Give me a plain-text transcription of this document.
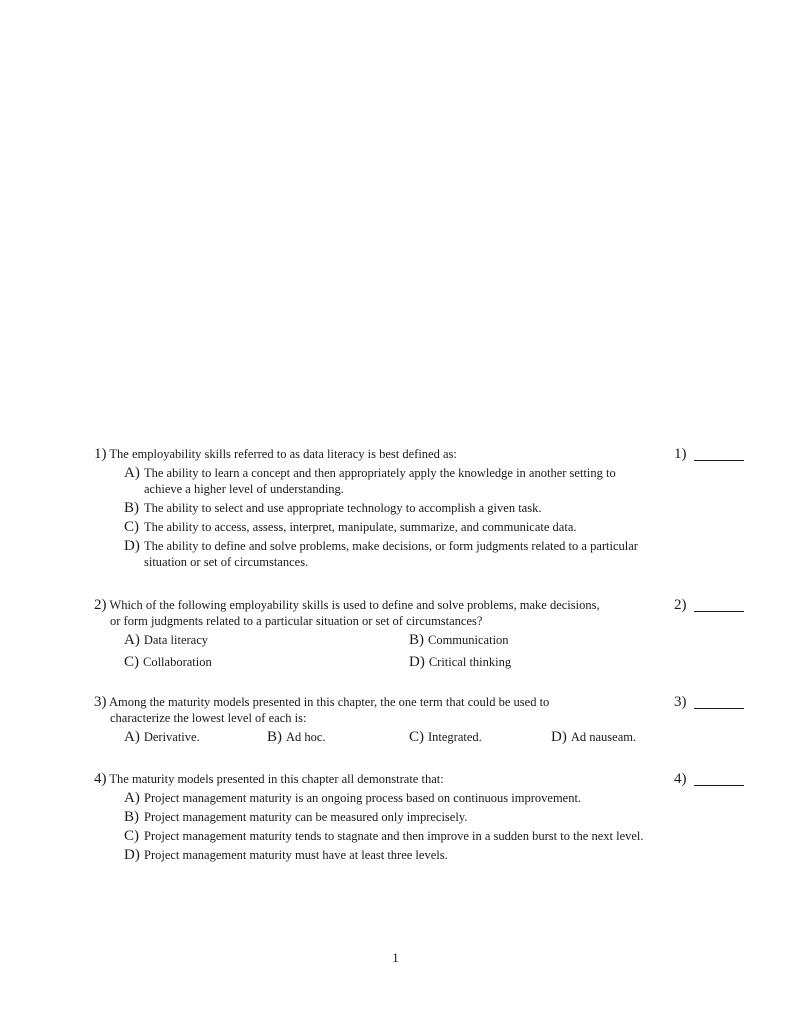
1) The employability skills referred to as data literacy is best defined as:
A) The ability to learn a concept and then appropriately apply the knowledge in another setting to achieve a higher level of understanding.
B) The ability to select and use appropriate technology to accomplish a given task.
C) The ability to access, assess, interpret, manipulate, summarize, and communicate data.
D) The ability to define and solve problems, make decisions, or form judgments related to a particular situation or set of circumstances.
1)
2) Which of the following employability skills is used to define and solve problems, make decisions,
or form judgments related to a particular situation or set of circumstances?
A) Data literacy	B) Communication
C) Collaboration	D) Critical thinking
2)
3) Among the maturity models presented in this chapter, the one term that could be used to
characterize the lowest level of each is:
A) Derivative.	B) Ad hoc.	C) Integrated.	D) Ad nauseam.
3)
4) The maturity models presented in this chapter all demonstrate that:
A) Project management maturity is an ongoing process based on continuous improvement.
B) Project management maturity can be measured only imprecisely.
C) Project management maturity tends to stagnate and then improve in a sudden burst to the next level.
D) Project management maturity must have at least three levels.
4)
1
